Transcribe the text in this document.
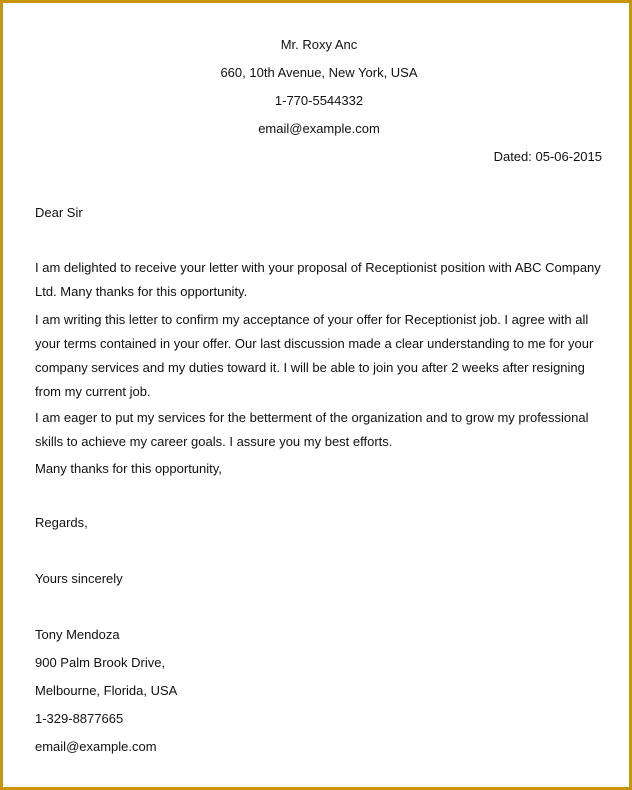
Mr. Roxy Anc
660, 10th Avenue, New York, USA
1-770-5544332
email@example.com
Dated: 05-06-2015
Dear Sir

I am delighted to receive your letter with your proposal of Receptionist position with ABC Company Ltd. Many thanks for this opportunity.

I am writing this letter to confirm my acceptance of your offer for Receptionist job. I agree with all your terms contained in your offer. Our last discussion made a clear understanding to me for your company services and my duties toward it. I will be able to join you after 2 weeks after resigning from my current job.

I am eager to put my services for the betterment of the organization and to grow my professional skills to achieve my career goals. I assure you my best efforts.

Many thanks for this opportunity,

Regards,
Yours sincerely
Tony Mendoza
900 Palm Brook Drive,
Melbourne, Florida, USA
1-329-8877665
email@example.com
